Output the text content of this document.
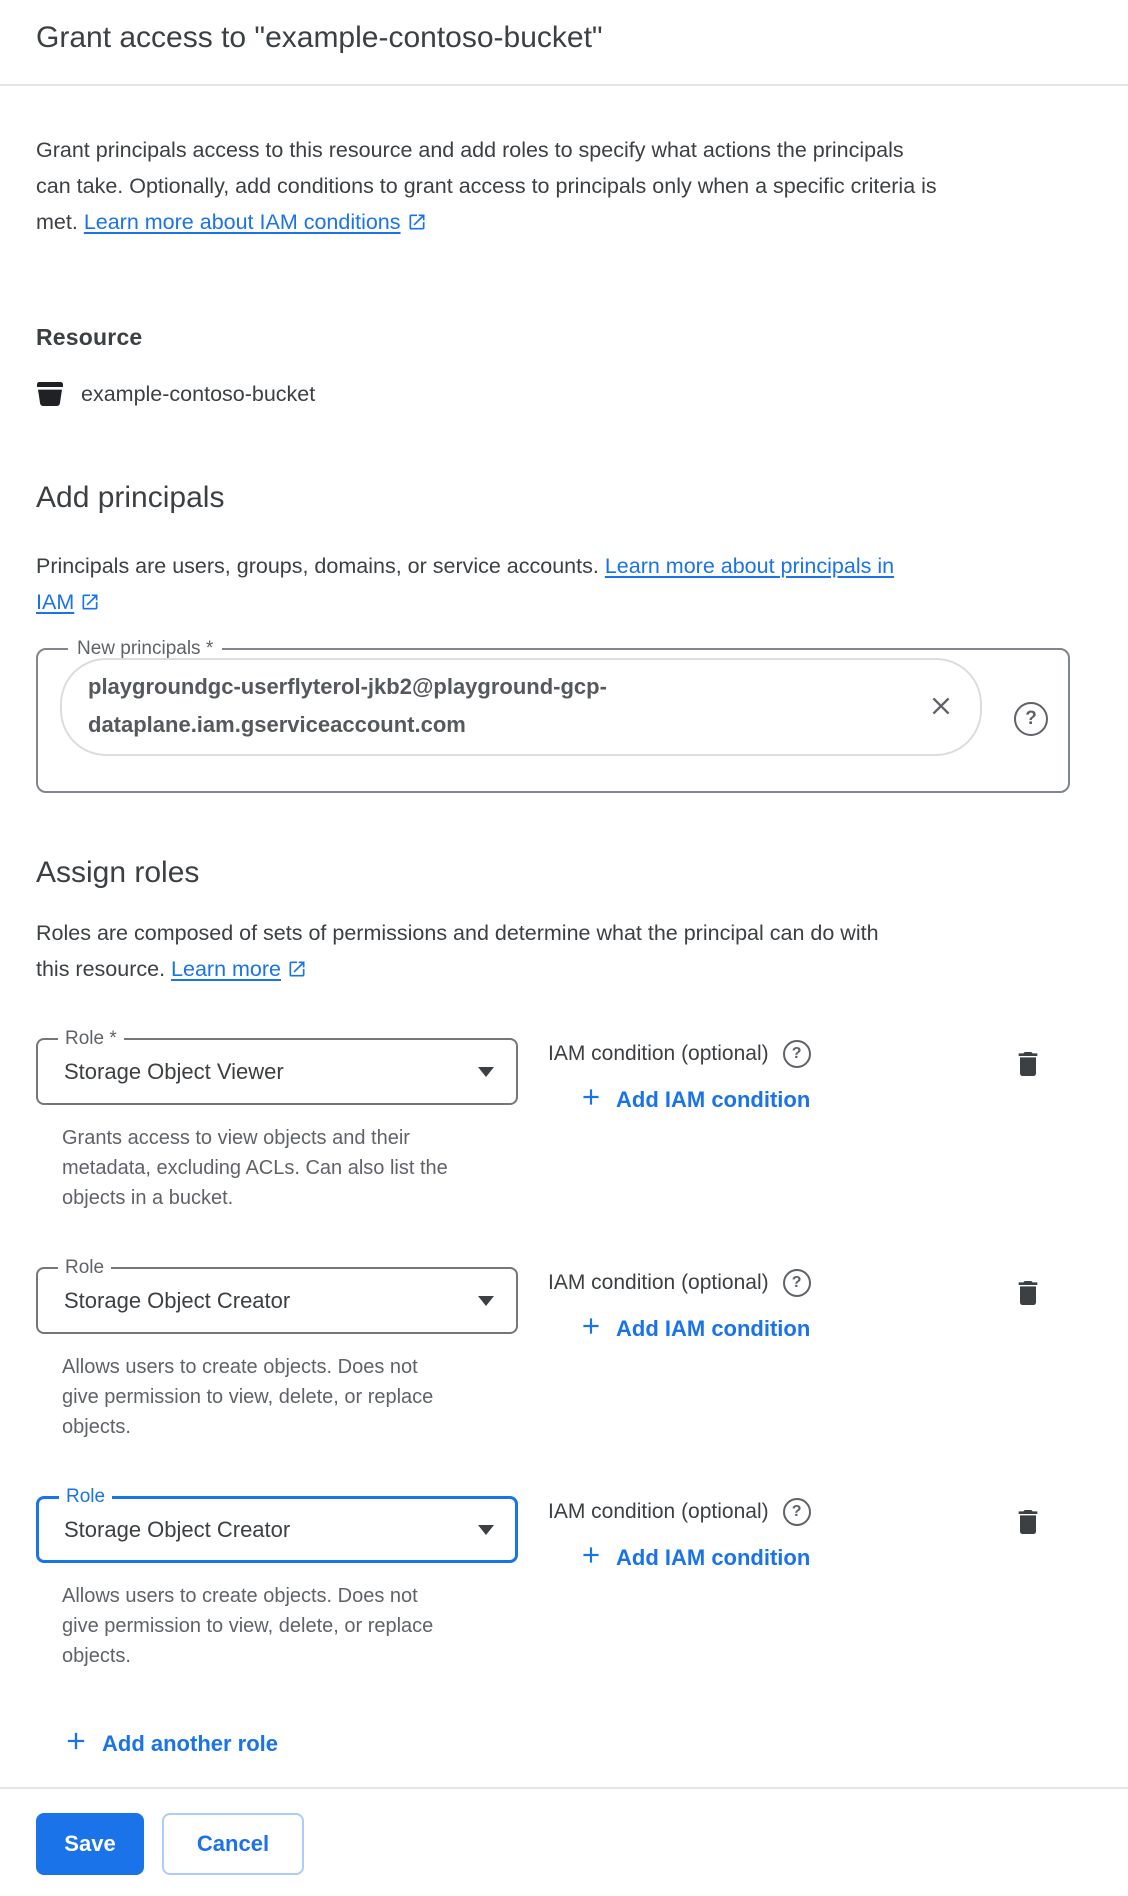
Grant access to "example-contoso-bucket"

Grant principals access to this resource and add roles to specify what actions the principals can take. Optionally, add conditions to grant access to principals only when a specific criteria is met. Learn more about IAM conditions

Resource
example-contoso-bucket
Add principals

Principals are users, groups, domains, or service accounts. Learn more about principals in IAM

New principals *
playgroundgc-userflyterol-jkb2@playground-gcp-dataplane.iam.gserviceaccount.com	?
Assign roles

Roles are composed of sets of permissions and determine what the principal can do with this resource. Learn more

Role *
Storage Object Viewer

Grants access to view objects and their metadata, excluding ACLs. Can also list the objects in a bucket.

IAM condition (optional)	?
Add IAM condition
Role
Storage Object Creator

Allows users to create objects. Does not give permission to view, delete, or replace objects.

IAM condition (optional)	?
Add IAM condition
Role
Storage Object Creator

Allows users to create objects. Does not give permission to view, delete, or replace objects.

IAM condition (optional)	?
Add IAM condition
Add another role
Save	Cancel
